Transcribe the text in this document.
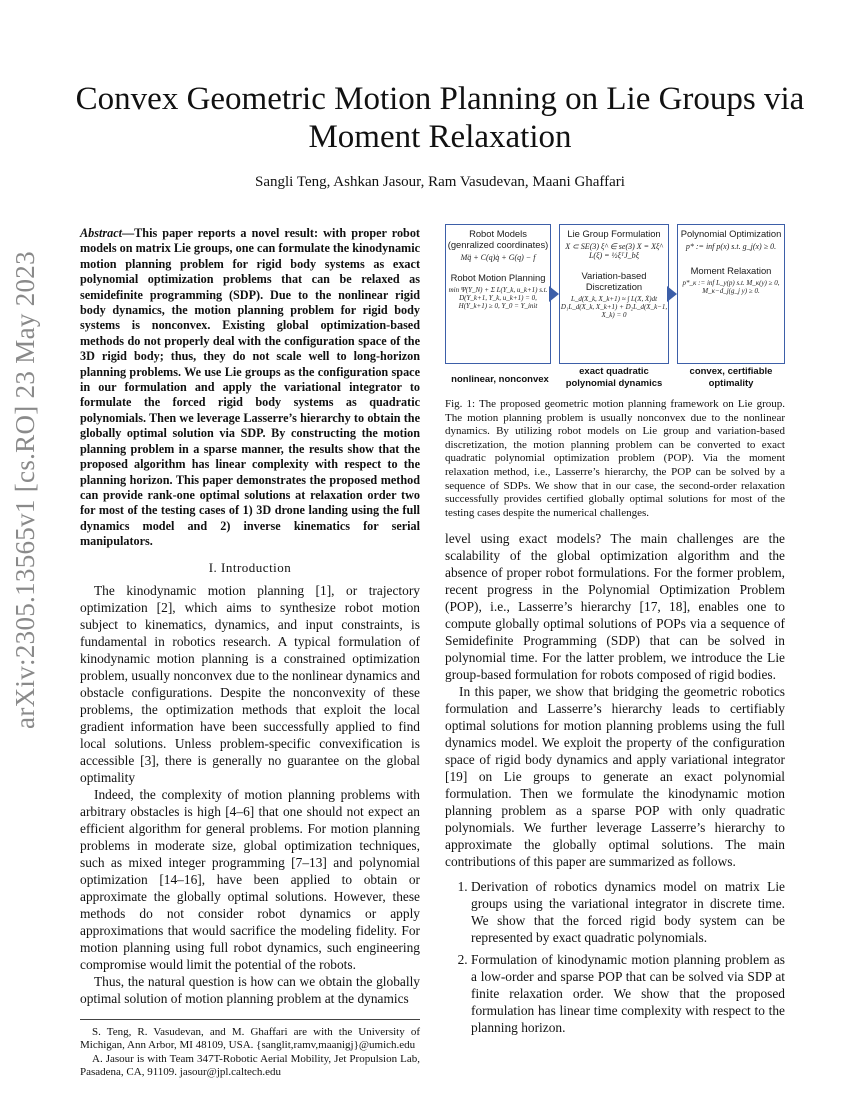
arXiv:2305.13565v1 [cs.RO] 23 May 2023
Convex Geometric Motion Planning on Lie Groups via Moment Relaxation
Sangli Teng, Ashkan Jasour, Ram Vasudevan, Maani Ghaffari
Abstract—This paper reports a novel result: with proper robot models on matrix Lie groups, one can formulate the kinodynamic motion planning problem for rigid body systems as exact polynomial optimization problems that can be relaxed as semidefinite programming (SDP). Due to the nonlinear rigid body dynamics, the motion planning problem for rigid body systems is nonconvex. Existing global optimization-based methods do not properly deal with the configuration space of the 3D rigid body; thus, they do not scale well to long-horizon planning problems. We use Lie groups as the configuration space in our formulation and apply the variational integrator to formulate the forced rigid body systems as quadratic polynomials. Then we leverage Lasserre’s hierarchy to obtain the globally optimal solution via SDP. By constructing the motion planning problem in a sparse manner, the results show that the proposed algorithm has linear complexity with respect to the planning horizon. This paper demonstrates the proposed method can provide rank-one optimal solutions at relaxation order two for most of the testing cases of 1) 3D drone landing using the full dynamics model and 2) inverse kinematics for serial manipulators.
I. Introduction

The kinodynamic motion planning [1], or trajectory optimization [2], which aims to synthesize robot motion subject to kinematics, dynamics, and input constraints, is fundamental in robotics research. A typical formulation of kinodynamic motion planning is a constrained optimization problem, usually nonconvex due to the nonlinear dynamics and obstacle configurations. Despite the nonconvexity of these problems, the optimization methods that exploit the local gradient information have been successfully applied to find local solutions. Unless problem-specific convexification is accessible [3], there is generally no guarantee on the global optimality

Indeed, the complexity of motion planning problems with arbitrary obstacles is high [4–6] that one should not expect an efficient algorithm for general problems. For motion planning problems in moderate size, global optimization techniques, such as mixed integer programming [7–13] and polynomial optimization [14–16], have been applied to obtain or approximate the globally optimal solutions. However, these methods do not consider robot dynamics or apply approximations that would sacrifice the modeling fidelity. For motion planning using full robot dynamics, such engineering compromise would limit the potential of the robots.

Thus, the natural question is how can we obtain the globally optimal solution of motion planning problem at the dynamics

S. Teng, R. Vasudevan, and M. Ghaffari are with the University of Michigan, Ann Arbor, MI 48109, USA. {sanglit,ramv,maanigj}@umich.edu

A. Jasour is with Team 347T-Robotic Aerial Mobility, Jet Propulsion Lab, Pasadena, CA, 91109. jasour@jpl.caltech.edu

Robot Models (genralized coordinates)
Mq̈ + C(q)q̇ + G(q) − f
Robot Motion Planning
min Ψ(Y_N) + Σ L(Y_k, u_k+1) s.t. D(Y_k+1, Y_k, u_k+1) = 0, H(Y_k+1) ≥ 0, Y_0 = Y_init
Lie Group Formulation
X ⊂ SE(3) ξ^ ∈ se(3) X = Xξ^ L(ξ) = ½ξᵀJ_bξ
Variation-based Discretization
L_d(X_k, X_k+1) ≈ ∫ L(X, Ẋ)dt D₁L_d(X_k, X_k+1) + D₂L_d(X_k−1, X_k) = 0
Polynomial Optimization
p* := inf p(x) s.t. g_j(x) ≥ 0.
Moment Relaxation
p*_κ := inf L_y(p) s.t. M_κ(y) ≥ 0, M_κ−d_j(g_j y) ≥ 0.
nonlinear, nonconvex
exact quadratic polynomial dynamics
convex, certifiable optimality
Fig. 1: The proposed geometric motion planning framework on Lie group. The motion planning problem is usually nonconvex due to the nonlinear dynamics. By utilizing robot models on Lie group and variation-based discretization, the motion planning problem can be converted to exact quadratic polynomial optimization problem (POP). Via the moment relaxation method, i.e., Lasserre’s hierarchy, the POP can be solved by a sequence of SDPs. We show that in our case, the second-order relaxation successfully provides certified globally optimal solutions for most of the testing cases despite the numerical challenges.

level using exact models? The main challenges are the scalability of the global optimization algorithm and the absence of proper robot formulations. For the former problem, recent progress in the Polynomial Optimization Problem (POP), i.e., Lasserre’s hierarchy [17, 18], enables one to compute globally optimal solutions of POPs via a sequence of Semidefinite Programming (SDP) that can be solved in polynomial time. For the latter problem, we introduce the Lie group-based formulation for robots composed of rigid bodies.

In this paper, we show that bridging the geometric robotics formulation and Lasserre’s hierarchy leads to certifiably optimal solutions for motion planning problems using the full dynamics model. We exploit the property of the configuration space of rigid body dynamics and apply variational integrator [19] on Lie groups to generate an exact polynomial formulation. Then we formulate the kinodynamic motion planning problem as a sparse POP with only quadratic polynomials. We further leverage Lasserre’s hierarchy to approximate the globally optimal solutions. The main contributions of this paper are summarized as follows.

1. Derivation of robotics dynamics model on matrix Lie groups using the variational integrator in discrete time. We show that the forced rigid body system can be represented by exact quadratic polynomials.
2. Formulation of kinodynamic motion planning problem as a low-order and sparse POP that can be solved via SDP at finite relaxation order. We show that the proposed formulation has linear time complexity with respect to the planning horizon.
